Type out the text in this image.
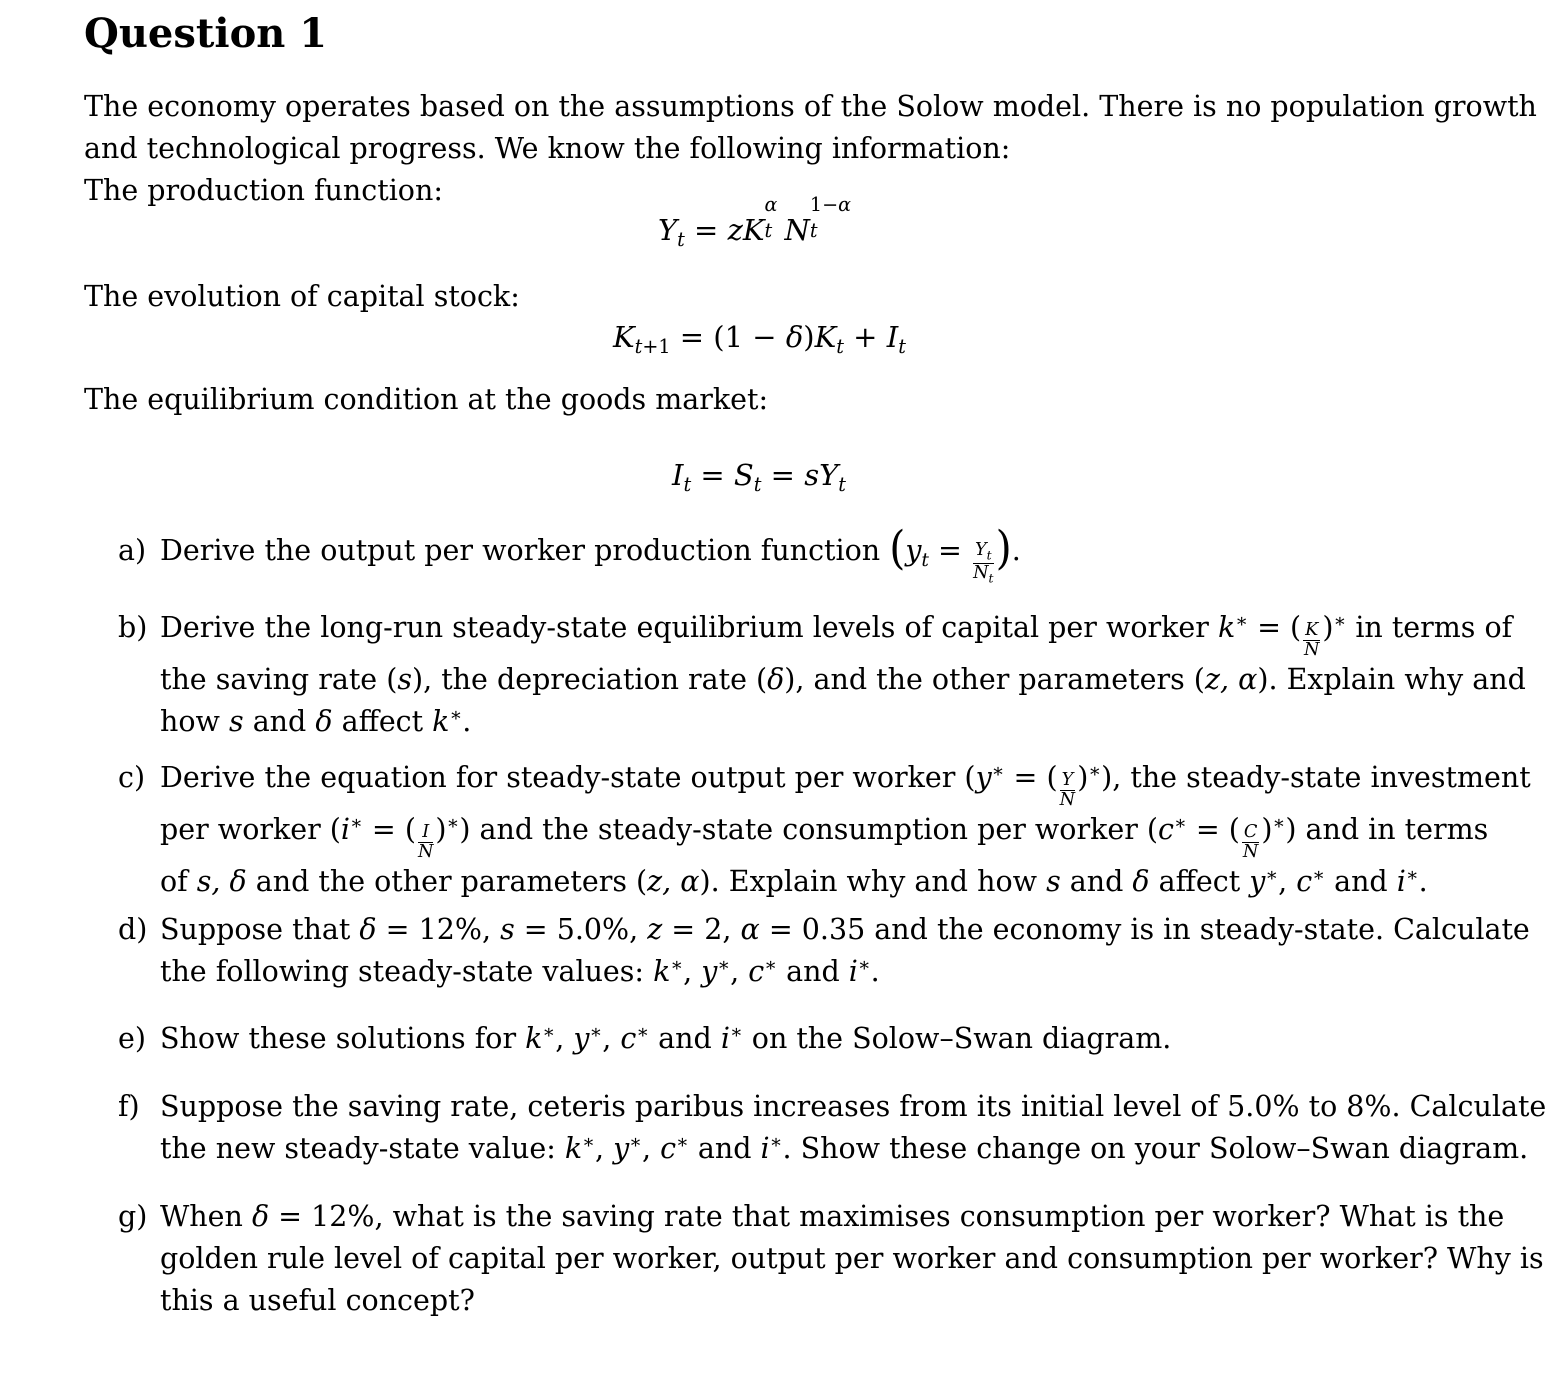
Question 1
The economy operates based on the assumptions of the Solow model. There is no population growth
and technological progress. We know the following information:
The production function:
$Y_t$ = zK
α
t N
1−α
t

The evolution of capital stock:
$K_{t+1} = (1 - \delta)K_t + I_t$
The equilibrium condition at the goods market:
$I_t = S_t = sY_t$
a) Derive the output per worker production function ($y_t = \frac{Y_t}{N_t}$ ).
b) Derive the long-run steady-state equilibrium levels of capital per worker k∗ = ( $\frac{K}{N} )^∗$ in terms of
the saving rate (s), the depreciation rate (δ), and the other parameters (z, α). Explain why and
how s and δ affect k∗.
c) Derive the equation for steady-state output per worker (y∗ = ( $\frac{Y}{N} )^∗$), the steady-state investment
per worker (i∗ = ( $\frac{I}{N} )^∗$) and the steady-state consumption per worker (c∗ = ( $\frac{C}{N} )^∗$) and in terms
of s, δ and the other parameters (z, α). Explain why and how s and δ affect y∗, c∗ and i∗.
d) Suppose that δ = 12%, s = 5.0%, z = 2, α = 0.35 and the economy is in steady-state. Calculate
the following steady-state values: k∗, y∗, c∗ and i∗.
e) Show these solutions for k∗, y∗, c∗ and i∗ on the Solow–Swan diagram.
f) Suppose the saving rate, ceteris paribus increases from its initial level of 5.0% to 8%. Calculate
the new steady-state value: k∗, y∗, c∗ and i∗. Show these change on your Solow–Swan diagram.
g) When δ = 12%, what is the saving rate that maximises consumption per worker? What is the
golden rule level of capital per worker, output per worker and consumption per worker? Why is
this a useful concept?
